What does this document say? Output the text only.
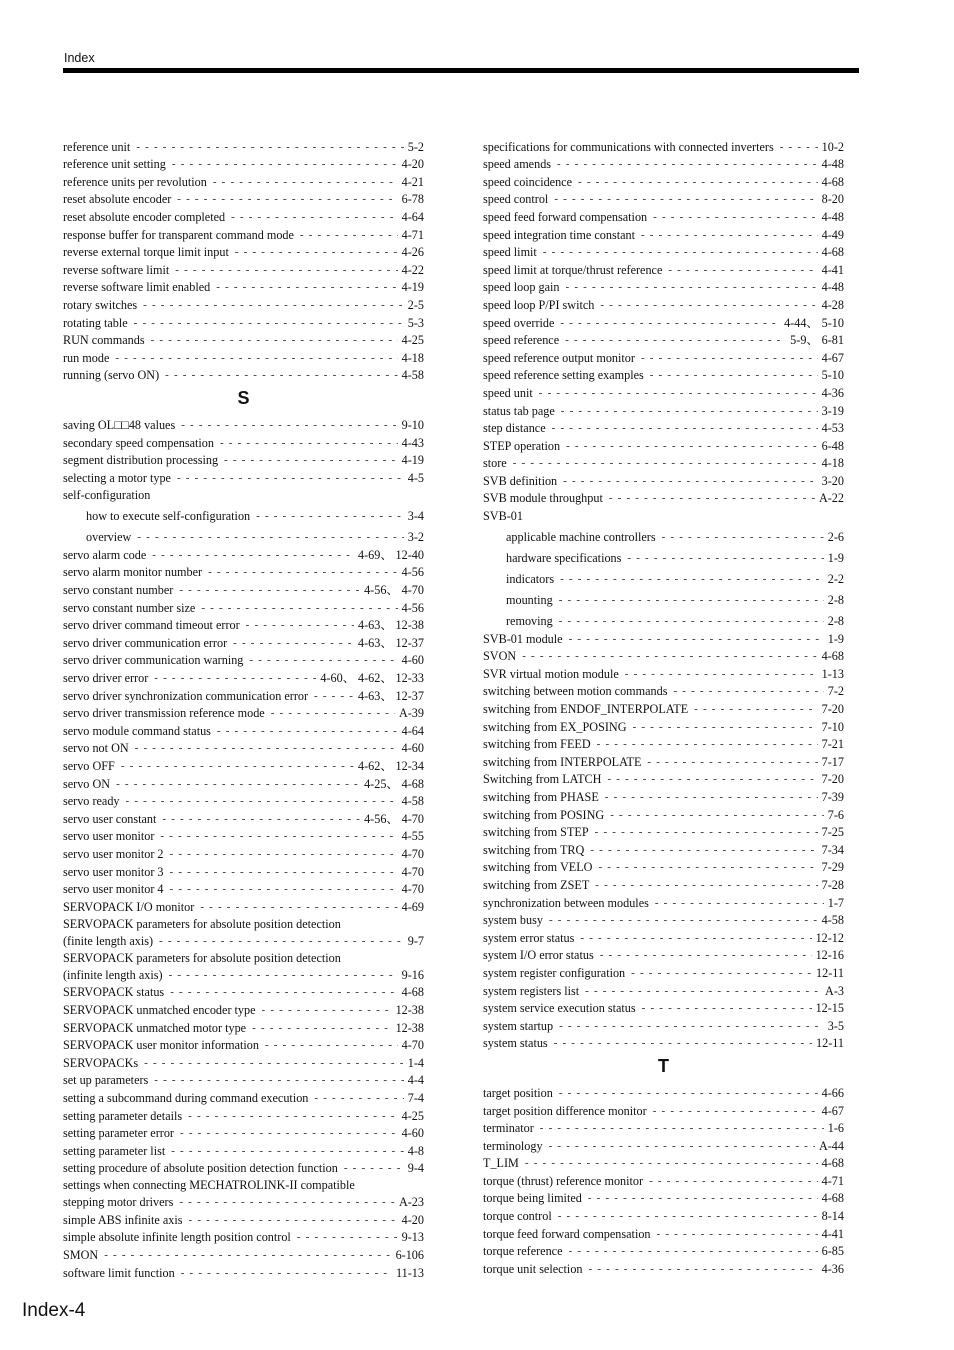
Index
reference unit - - -	5-2
reference unit setting - - -	4-20
reference units per revolution - - -	4-21
reset absolute encoder - - -	6-78
reset absolute encoder completed - - -	4-64
response buffer for transparent command mode - - -	4-71
reverse external torque limit input - - -	4-26
reverse software limit - - -	4-22
reverse software limit enabled - - -	4-19
rotary switches - - -	2-5
rotating table - - -	5-3
RUN commands - - -	4-25
run mode - - -	4-18
running (servo ON) - - -	4-58
S
saving OL□□48 values - - -	9-10
secondary speed compensation - - -	4-43
segment distribution processing - - -	4-19
selecting a motor type - - -	4-5
self-configuration
how to execute self-configuration - - -	3-4
overview - - -	3-2
servo alarm code - - -	4-69、 12-40
servo alarm monitor number - - -	4-56
servo constant number - - -	4-56、 4-70
servo constant number size - - -	4-56
servo driver command timeout error - - -	4-63、 12-38
servo driver communication error - - -	4-63、 12-37
servo driver communication warning - - -	4-60
servo driver error - - -	4-60、 4-62、 12-33
servo driver synchronization communication error - - -	4-63、 12-37
servo driver transmission reference mode - - -	A-39
servo module command status - - -	4-64
servo not ON - - -	4-60
servo OFF - - -	4-62、 12-34
servo ON - - -	4-25、 4-68
servo ready - - -	4-58
servo user constant - - -	4-56、 4-70
servo user monitor - - -	4-55
servo user monitor 2 - - -	4-70
servo user monitor 3 - - -	4-70
servo user monitor 4 - - -	4-70
SERVOPACK I/O monitor - - -	4-69
SERVOPACK parameters for absolute position detection
(finite length axis) - - -	9-7
SERVOPACK parameters for absolute position detection
(infinite length axis) - - -	9-16
SERVOPACK status - - -	4-68
SERVOPACK unmatched encoder type - - -	12-38
SERVOPACK unmatched motor type - - -	12-38
SERVOPACK user monitor information - - -	4-70
SERVOPACKs - - -	1-4
set up parameters - - -	4-4
setting a subcommand during command execution - - -	7-4
setting parameter details - - -	4-25
setting parameter error - - -	4-60
setting parameter list - - -	4-8
setting procedure of absolute position detection function - - -	9-4
settings when connecting MECHATROLINK-II compatible
stepping motor drivers - - -	A-23
simple ABS infinite axis - - -	4-20
simple absolute infinite length position control - - -	9-13
SMON - - -	6-106
software limit function - - -	11-13
specifications for communications with connected inverters - - -	10-2
speed amends - - -	4-48
speed coincidence - - -	4-68
speed control - - -	8-20
speed feed forward compensation - - -	4-48
speed integration time constant - - -	4-49
speed limit - - -	4-68
speed limit at torque/thrust reference - - -	4-41
speed loop gain - - -	4-48
speed loop P/PI switch - - -	4-28
speed override - - -	4-44、 5-10
speed reference - - -	5-9、 6-81
speed reference output monitor - - -	4-67
speed reference setting examples - - -	5-10
speed unit - - -	4-36
status tab page - - -	3-19
step distance - - -	4-53
STEP operation - - -	6-48
store - - -	4-18
SVB definition - - -	3-20
SVB module throughput - - -	A-22
SVB-01
applicable machine controllers - - -	2-6
hardware specifications - - -	1-9
indicators - - -	2-2
mounting - - -	2-8
removing - - -	2-8
SVB-01 module - - -	1-9
SVON - - -	4-68
SVR virtual motion module - - -	1-13
switching between motion commands - - -	7-2
switching from ENDOF_INTERPOLATE - - -	7-20
switching from EX_POSING - - -	7-10
switching from FEED - - -	7-21
switching from INTERPOLATE - - -	7-17
Switching from LATCH - - -	7-20
switching from PHASE - - -	7-39
switching from POSING - - -	7-6
switching from STEP - - -	7-25
switching from TRQ - - -	7-34
switching from VELO - - -	7-29
switching from ZSET - - -	7-28
synchronization between modules - - -	1-7
system busy - - -	4-58
system error status - - -	12-12
system I/O error status - - -	12-16
system register configuration - - -	12-11
system registers list - - -	A-3
system service execution status - - -	12-15
system startup - - -	3-5
system status - - -	12-11
T
target position - - -	4-66
target position difference monitor - - -	4-67
terminator - - -	1-6
terminology - - -	A-44
T_LIM - - -	4-68
torque (thrust) reference monitor - - -	4-71
torque being limited - - -	4-68
torque control - - -	8-14
torque feed forward compensation - - -	4-41
torque reference - - -	6-85
torque unit selection - - -	4-36
Index-4
